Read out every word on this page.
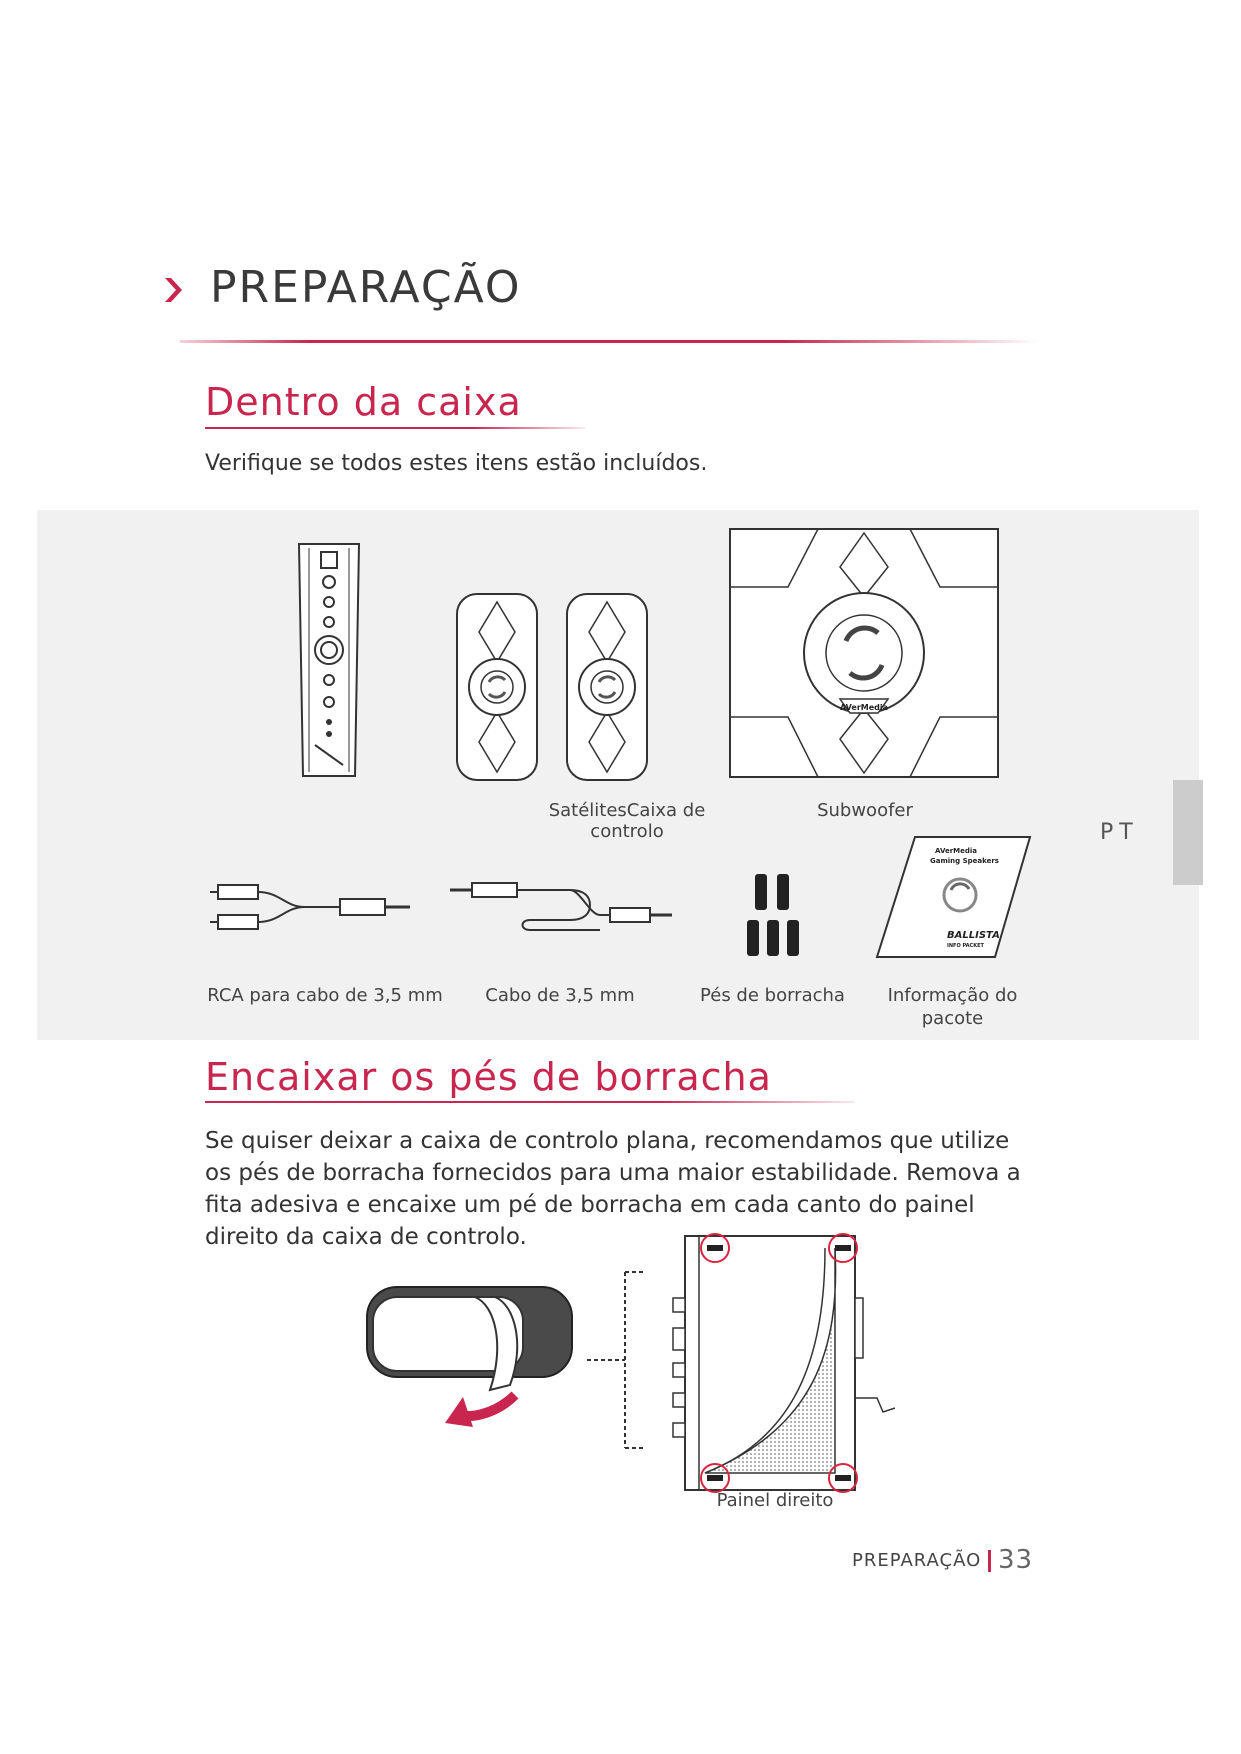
PREPARAÇÃO
Dentro da caixa
Verifique se todos estes itens estão incluídos.
AVerMedia
SatélitesCaixa de controlo
Subwoofer
AVerMedia
Gaming Speakers
BALLISTA
INFO PACKET
RCA para cabo de 3,5 mm Cabo de 3,5 mm	Pés de borracha	Informação do
pacote
PT
Encaixar os pés de borracha
Se quiser deixar a caixa de controlo plana, recomendamos que utilize os pés de borracha fornecidos para uma maior estabilidade. Remova a fita adesiva e encaixe um pé de borracha em cada canto do painel direito da caixa de controlo.
Painel direito
PREPARAÇÃO 33
